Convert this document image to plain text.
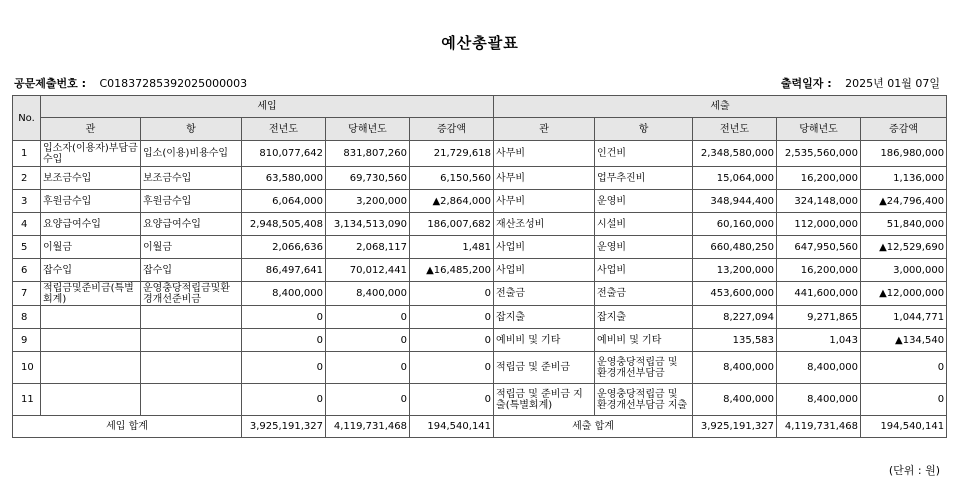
예산총괄표
공문제출번호 : C01837285392025000003	출력일자 : 2025년 01월 07일
No.	세입					세출				
	관	항	전년도	당해년도	증감액	관	항	전년도	당해년도	증감액
1	입소자(이용자)부담금수입	입소(이용)비용수입	810,077,642	831,807,260	21,729,618	사무비	인건비	2,348,580,000	2,535,560,000	186,980,000
2	보조금수입	보조금수입	63,580,000	69,730,560	6,150,560	사무비	업무추진비	15,064,000	16,200,000	1,136,000
3	후원금수입	후원금수입	6,064,000	3,200,000	▲2,864,000	사무비	운영비	348,944,400	324,148,000	▲24,796,400
4	요양급여수입	요양급여수입	2,948,505,408	3,134,513,090	186,007,682	재산조성비	시설비	60,160,000	112,000,000	51,840,000
5	이월금	이월금	2,066,636	2,068,117	1,481	사업비	운영비	660,480,250	647,950,560	▲12,529,690
6	잡수입	잡수입	86,497,641	70,012,441	▲16,485,200	사업비	사업비	13,200,000	16,200,000	3,000,000
7	적립금및준비금(특별회계)	운영충당적립금및환경개선준비금	8,400,000	8,400,000	0	전출금	전출금	453,600,000	441,600,000	▲12,000,000
8			0	0	0	잡지출	잡지출	8,227,094	9,271,865	1,044,771
9			0	0	0	예비비 및 기타	예비비 및 기타	135,583	1,043	▲134,540
10			0	0	0	적립금 및 준비금	운영충당적립금 및 환경개선부담금	8,400,000	8,400,000	0
11			0	0	0	적립금 및 준비금 지출(특별회계)	운영충당적립금 및 환경개선부담금 지출	8,400,000	8,400,000	0
세입 합계			3,925,191,327	4,119,731,468	194,540,141	세출 합계		3,925,191,327	4,119,731,468	194,540,141
(단위 : 원)
